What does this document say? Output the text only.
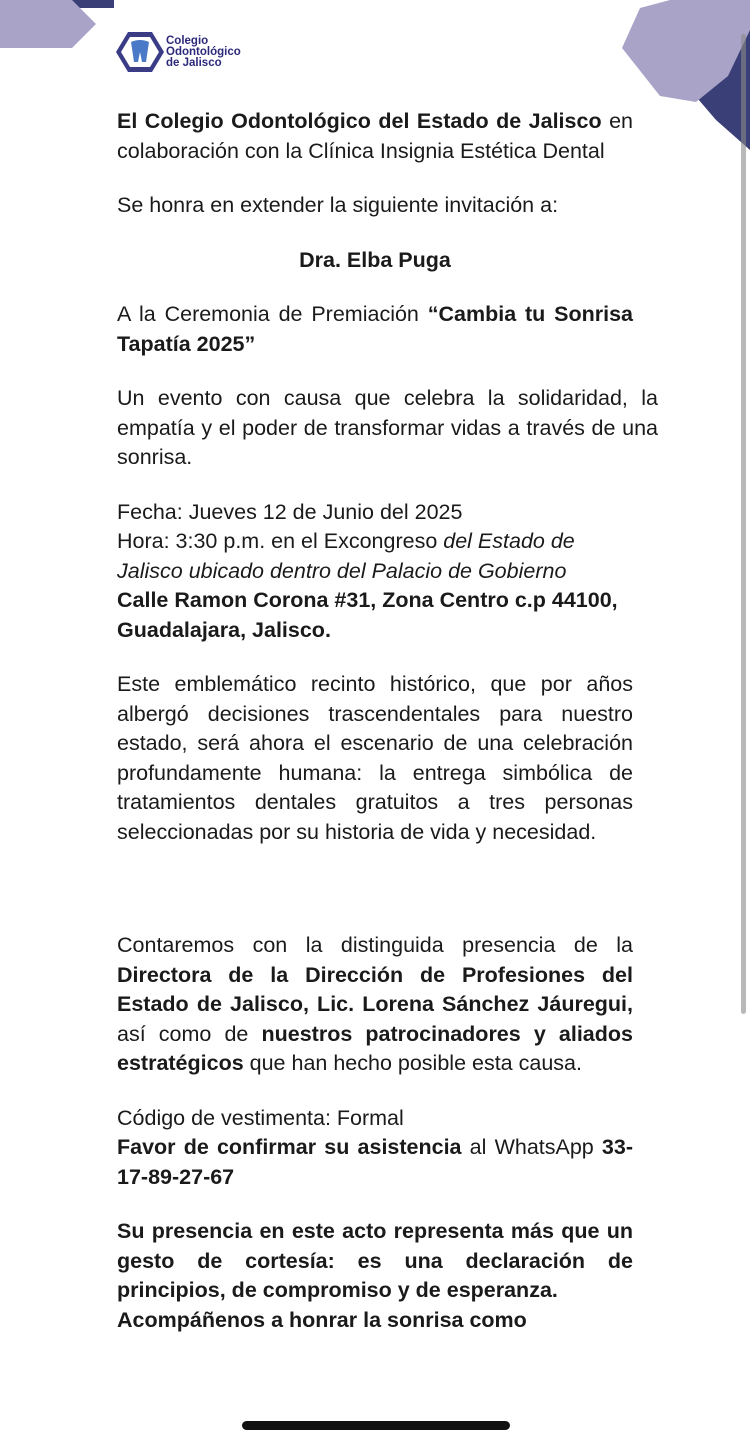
Colegio
Odontológico
de Jalisco

El Colegio Odontológico del Estado de Jalisco en colaboración con la Clínica Insignia Estética Dental

Se honra en extender la siguiente invitación a:

Dra. Elba Puga

A la Ceremonia de Premiación “Cambia tu Sonrisa Tapatía 2025”

Un evento con causa que celebra la solidaridad, la empatía y el poder de transformar vidas a través de una sonrisa.

Fecha: Jueves 12 de Junio del 2025

Hora: 3:30 p.m. en el Excongreso del Estado de Jalisco ubicado dentro del Palacio de Gobierno Calle Ramon Corona #31, Zona Centro c.p 44100, Guadalajara, Jalisco.

Este emblemático recinto histórico, que por años albergó decisiones trascendentales para nuestro estado, será ahora el escenario de una celebración profundamente humana: la entrega simbólica de tratamientos dentales gratuitos a tres personas seleccionadas por su historia de vida y necesidad.

Contaremos con la distinguida presencia de la Directora de la Dirección de Profesiones del Estado de Jalisco, Lic. Lorena Sánchez Jáuregui, así como de nuestros patrocinadores y aliados estratégicos que han hecho posible esta causa.

Código de vestimenta: Formal

Favor de confirmar su asistencia al WhatsApp 33-17-89-27-67

Su presencia en este acto representa más que un gesto de cortesía: es una declaración de principios, de compromiso y de esperanza.

Acompáñenos a honrar la sonrisa como
